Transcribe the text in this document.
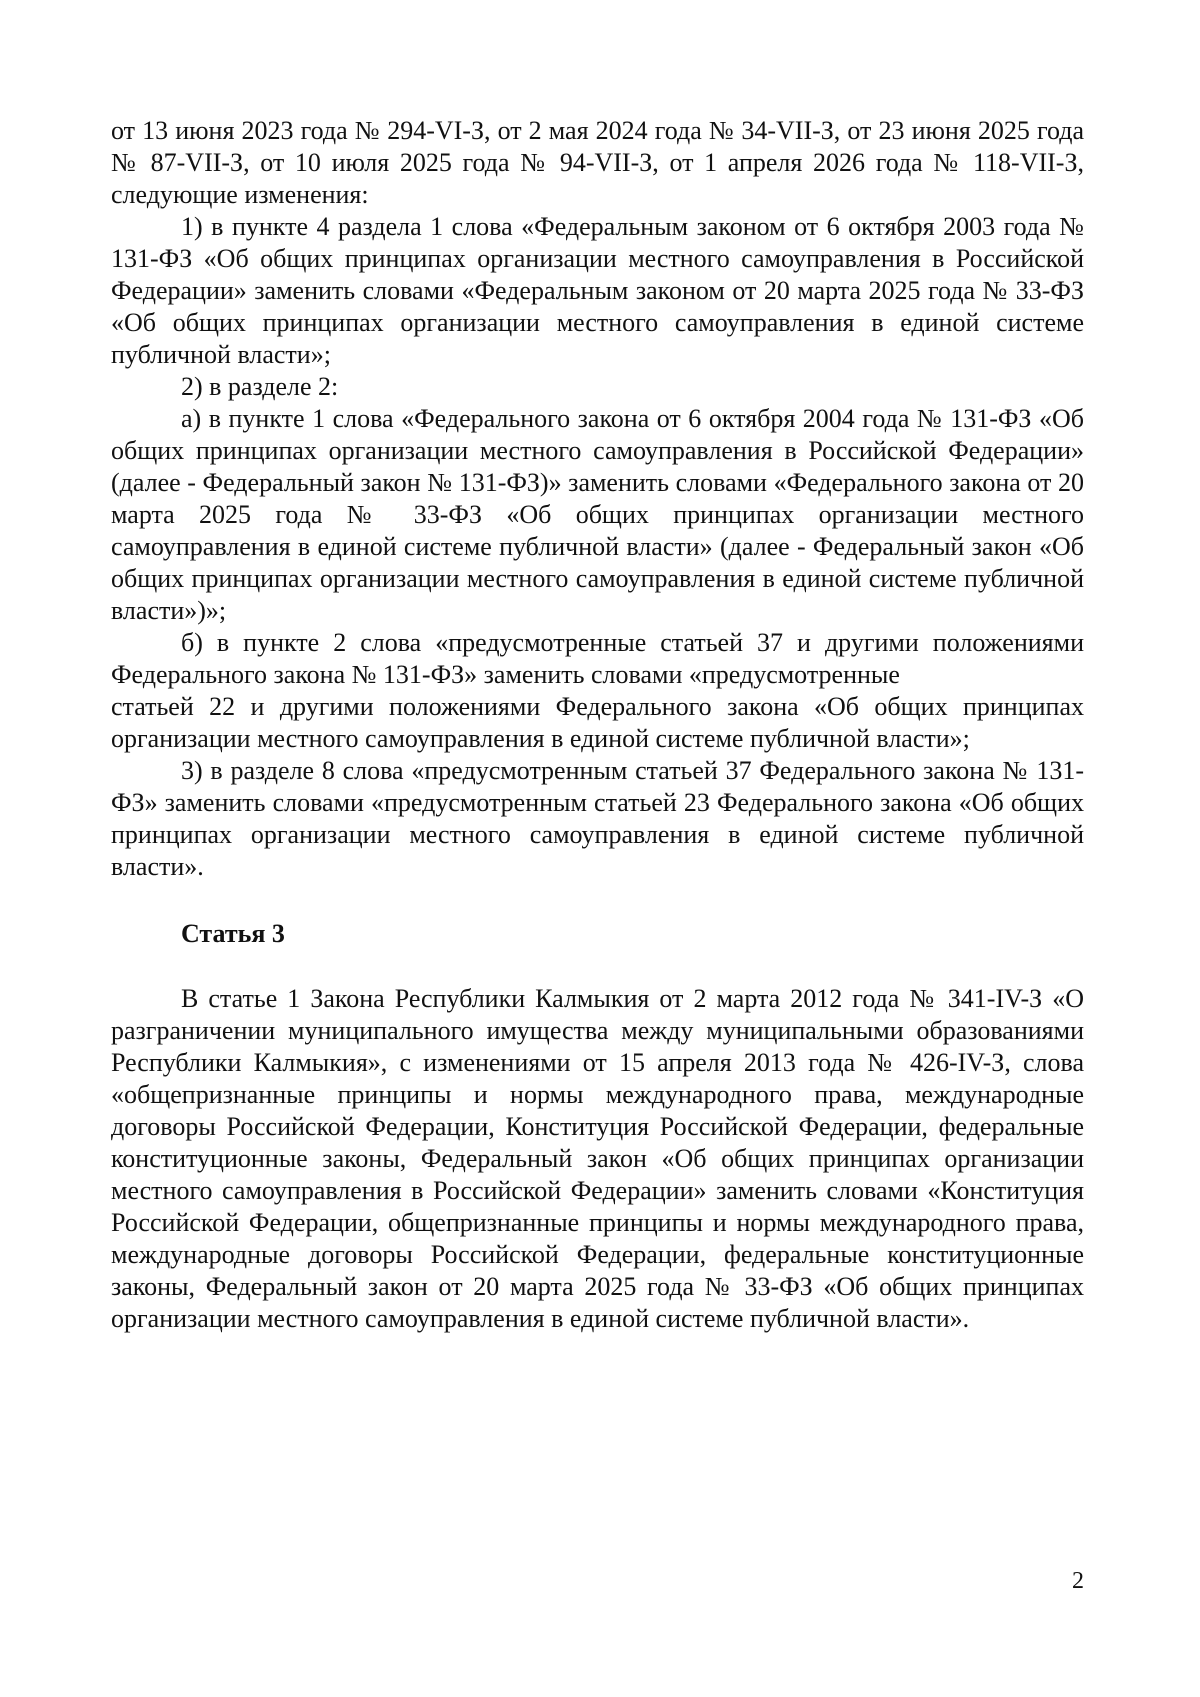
от 13 июня 2023 года № 294-VI-З, от 2 мая 2024 года № 34-VII-З, от 23 июня 2025 года № 87-VII-З, от 10 июля 2025 года № 94-VII-З, от 1 апреля 2026 года № 118-VII-З, следующие изменения:

1) в пункте 4 раздела 1 слова «Федеральным законом от 6 октября 2003 года № 131-ФЗ «Об общих принципах организации местного самоуправления в Российской Федерации» заменить словами «Федеральным законом от 20 марта 2025 года № 33-ФЗ «Об общих принципах организации местного самоуправления в единой системе публичной власти»;

2) в разделе 2:

а) в пункте 1 слова «Федерального закона от 6 октября 2004 года № 131-ФЗ «Об общих принципах организации местного самоуправления в Российской Федерации» (далее - Федеральный закон № 131-ФЗ)» заменить словами «Федерального закона от 20 марта 2025 года № 33-ФЗ «Об общих принципах организации местного самоуправления в единой системе публичной власти» (далее - Федеральный закон «Об общих принципах организации местного самоуправления в единой системе публичной власти»)»;

б) в пункте 2 слова «предусмотренные статьей 37 и другими положениями Федерального закона № 131-ФЗ» заменить словами «предусмотренные

статьей 22 и другими положениями Федерального закона «Об общих принципах организации местного самоуправления в единой системе публичной власти»;

3) в разделе 8 слова «предусмотренным статьей 37 Федерального закона № 131-ФЗ» заменить словами «предусмотренным статьей 23 Федерального закона «Об общих принципах организации местного самоуправления в единой системе публичной власти».

Статья 3

В статье 1 Закона Республики Калмыкия от 2 марта 2012 года № 341-IV-З «О разграничении муниципального имущества между муниципальными образованиями Республики Калмыкия», с изменениями от 15 апреля 2013 года № 426-IV-З, слова «общепризнанные принципы и нормы международного права, международные договоры Российской Федерации, Конституция Российской Федерации, федеральные конституционные законы, Федеральный закон «Об общих принципах организации местного самоуправления в Российской Федерации» заменить словами «Конституция Российской Федерации, общепризнанные принципы и нормы международного права, международные договоры Российской Федерации, федеральные конституционные законы, Федеральный закон от 20 марта 2025 года № 33-ФЗ «Об общих принципах организации местного самоуправления в единой системе публичной власти».

2
